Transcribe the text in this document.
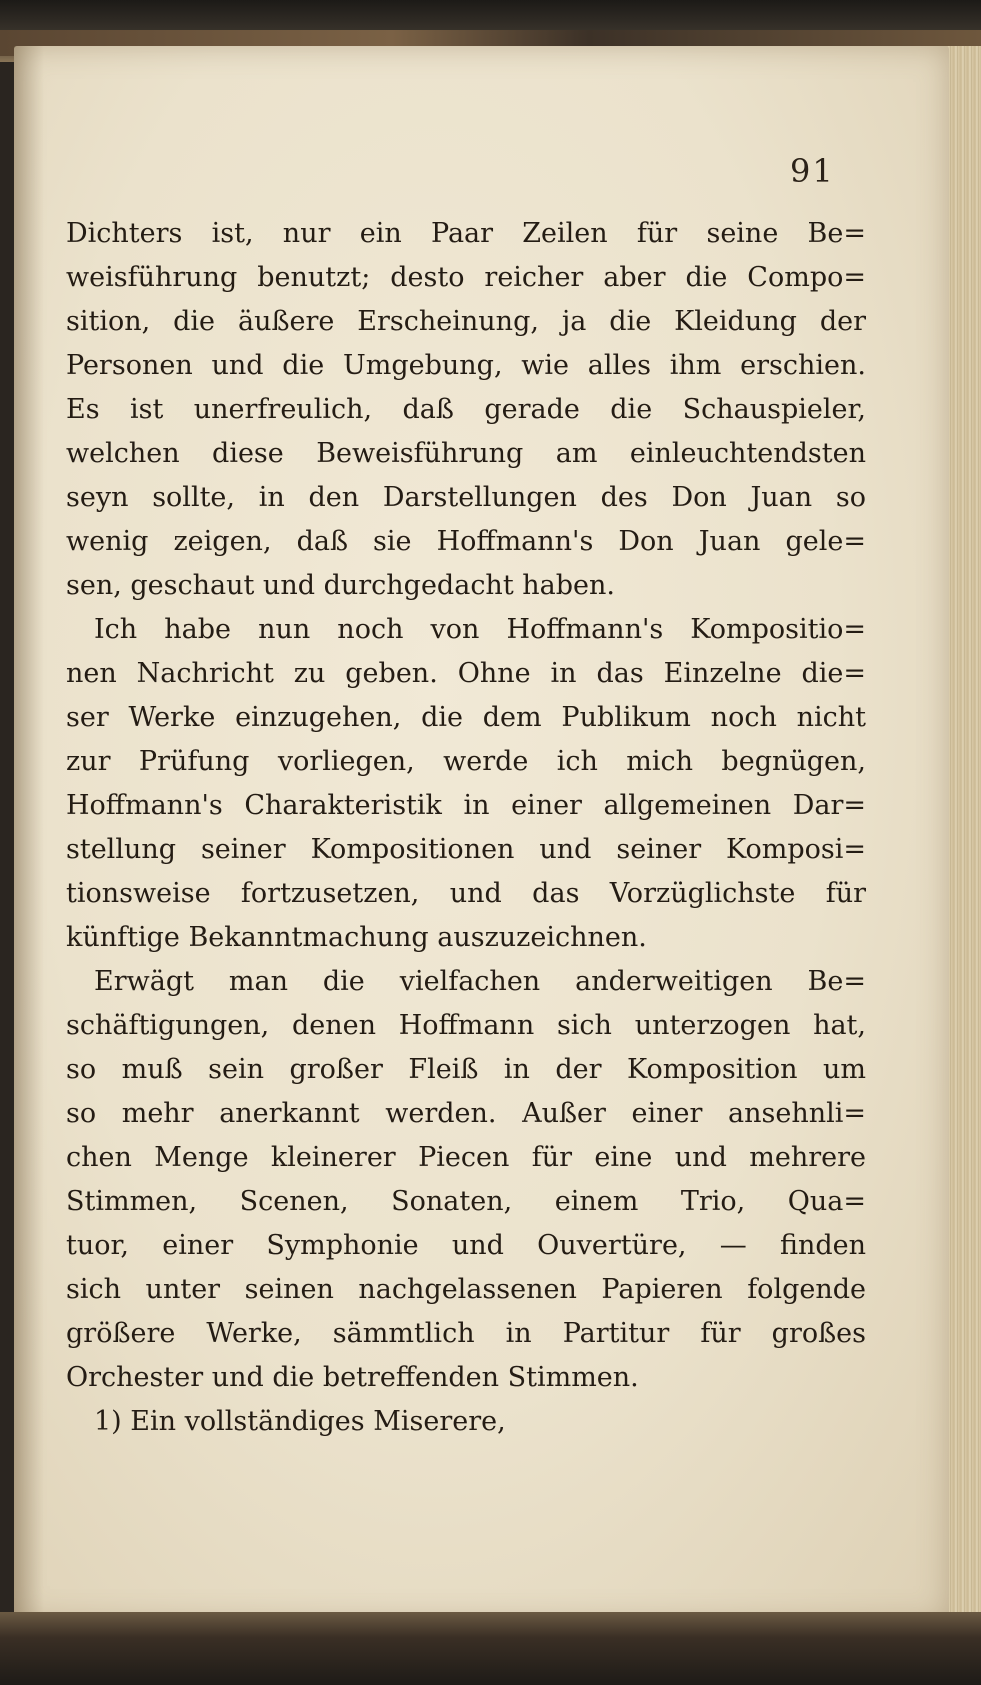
91
Dichters ist, nur ein Paar Zeilen für seine Be=
weisführung benutzt; desto reicher aber die Compo=
sition, die äußere Erscheinung, ja die Kleidung der
Personen und die Umgebung, wie alles ihm erschien.
Es ist unerfreulich, daß gerade die Schauspieler,
welchen diese Beweisführung am einleuchtendsten
seyn sollte, in den Darstellungen des Don Juan so
wenig zeigen, daß sie Hoffmann's Don Juan gele=
sen, geschaut und durchgedacht haben.
Ich habe nun noch von Hoffmann's Kompositio=
nen Nachricht zu geben. Ohne in das Einzelne die=
ser Werke einzugehen, die dem Publikum noch nicht
zur Prüfung vorliegen, werde ich mich begnügen,
Hoffmann's Charakteristik in einer allgemeinen Dar=
stellung seiner Kompositionen und seiner Komposi=
tionsweise fortzusetzen, und das Vorzüglichste für
künftige Bekanntmachung auszuzeichnen.
Erwägt man die vielfachen anderweitigen Be=
schäftigungen, denen Hoffmann sich unterzogen hat,
so muß sein großer Fleiß in der Komposition um
so mehr anerkannt werden. Außer einer ansehnli=
chen Menge kleinerer Piecen für eine und mehrere
Stimmen, Scenen, Sonaten, einem Trio, Qua=
tuor, einer Symphonie und Ouvertüre, — finden
sich unter seinen nachgelassenen Papieren folgende
größere Werke, sämmtlich in Partitur für großes
Orchester und die betreffenden Stimmen.
1) Ein vollständiges Miserere,
